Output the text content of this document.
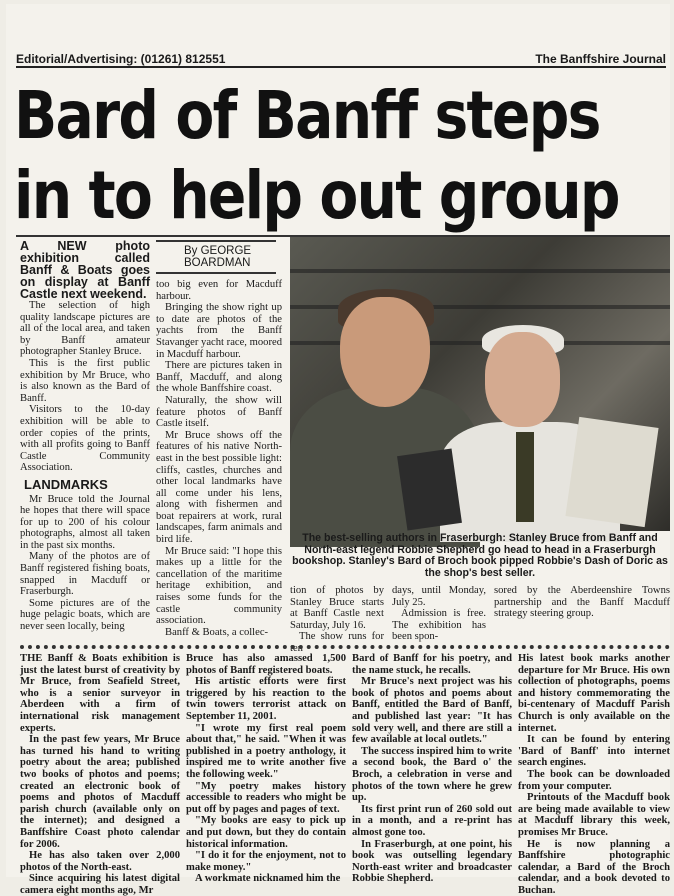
Editorial/Advertising: (01261) 812551	The Banffshire Journal
Bard of Banff steps
in to help out group

A NEW photo exhibition called Banff & Boats goes on display at Banff Castle next weekend.

The selection of high quality landscape pictures are all of the local area, and taken by Banff amateur photographer Stanley Bruce.

This is the first public exhibition by Mr Bruce, who is also known as the Bard of Banff.

Visitors to the 10-day exhibition will be able to order copies of the prints, with all profits going to Banff Castle Community Association.

LANDMARKS

Mr Bruce told the Journal he hopes that there will space for up to 200 of his colour photographs, almost all taken in the past six months.

Many of the photos are of Banff registered fishing boats, snapped in Macduff or Fraserburgh.

Some pictures are of the huge pelagic boats, which are never seen locally, being

By GEORGE
BOARDMAN

too big even for Macduff harbour.

Bringing the show right up to date are photos of the yachts from the Banff Stavanger yacht race, moored in Macduff harbour.

There are pictures taken in Banff, Macduff, and along the whole Banffshire coast.

Naturally, the show will feature photos of Banff Castle itself.

Mr Bruce shows off the features of his native North-east in the best possible light: cliffs, castles, churches and other local landmarks have all come under his lens, along with fishermen and boat repairers at work, rural landscapes, farm animals and bird life.

Mr Bruce said: "I hope this makes up a little for the cancellation of the maritime heritage exhibition, and raises some funds for the castle community association.

Banff & Boats, a collec-

The best-selling authors in Fraserburgh: Stanley Bruce from Banff and North-east legend Robbie Shepherd go head to head in a Fraserburgh bookshop. Stanley's Bard of Broch book pipped Robbie's Dash of Doric as the shop's best seller.

tion of photos by Stanley Bruce starts at Banff Castle next Saturday, July 16.

The show runs for ten

days, until Monday, July 25.

Admission is free. The exhibition has been spon-

sored by the Aberdeenshire Towns partnership and the Banff Macduff strategy steering group.

THE Banff & Boats exhibition is just the latest burst of creativity by Mr Bruce, from Seafield Street, who is a senior surveyor in Aberdeen with a firm of international risk management experts.

In the past few years, Mr Bruce has turned his hand to writing poetry about the area; published two books of photos and poems; created an electronic book of poems and photos of Macduff parish church (available only on the internet); and designed a Banffshire Coast photo calendar for 2006.

He has also taken over 2,000 photos of the North-east.

Since acquiring his latest digital camera eight months ago, Mr

Bruce has also amassed 1,500 photos of Banff registered boats.

His artistic efforts were first triggered by his reaction to the twin towers terrorist attack on September 11, 2001.

"I wrote my first real poem about that," he said. "When it was published in a poetry anthology, it inspired me to write another five the following week."

"My poetry makes history accessible to readers who might be put off by pages and pages of text.

"My books are easy to pick up and put down, but they do contain historical information.

"I do it for the enjoyment, not to make money."

A workmate nicknamed him the

Bard of Banff for his poetry, and the name stuck, he recalls.

Mr Bruce's next project was his book of photos and poems about Banff, entitled the Bard of Banff, and published last year: "It has sold very well, and there are still a few available at local outlets."

The success inspired him to write a second book, the Bard o' the Broch, a celebration in verse and photos of the town where he grew up.

Its first print run of 260 sold out in a month, and a re-print has almost gone too.

In Fraserburgh, at one point, his book was outselling legendary North-east writer and broadcaster Robbie Shepherd.

His latest book marks another departure for Mr Bruce. His own collection of photographs, poems and history commemorating the bi-centenary of Macduff Parish Church is only available on the internet.

It can be found by entering 'Bard of Banff' into internet search engines.

The book can be downloaded from your computer.

Printouts of the Macduff book are being made available to view at Macduff library this week, promises Mr Bruce.

He is now planning a Banffshire photographic calendar, a Bard of the Broch calendar, and a book devoted to Buchan.
